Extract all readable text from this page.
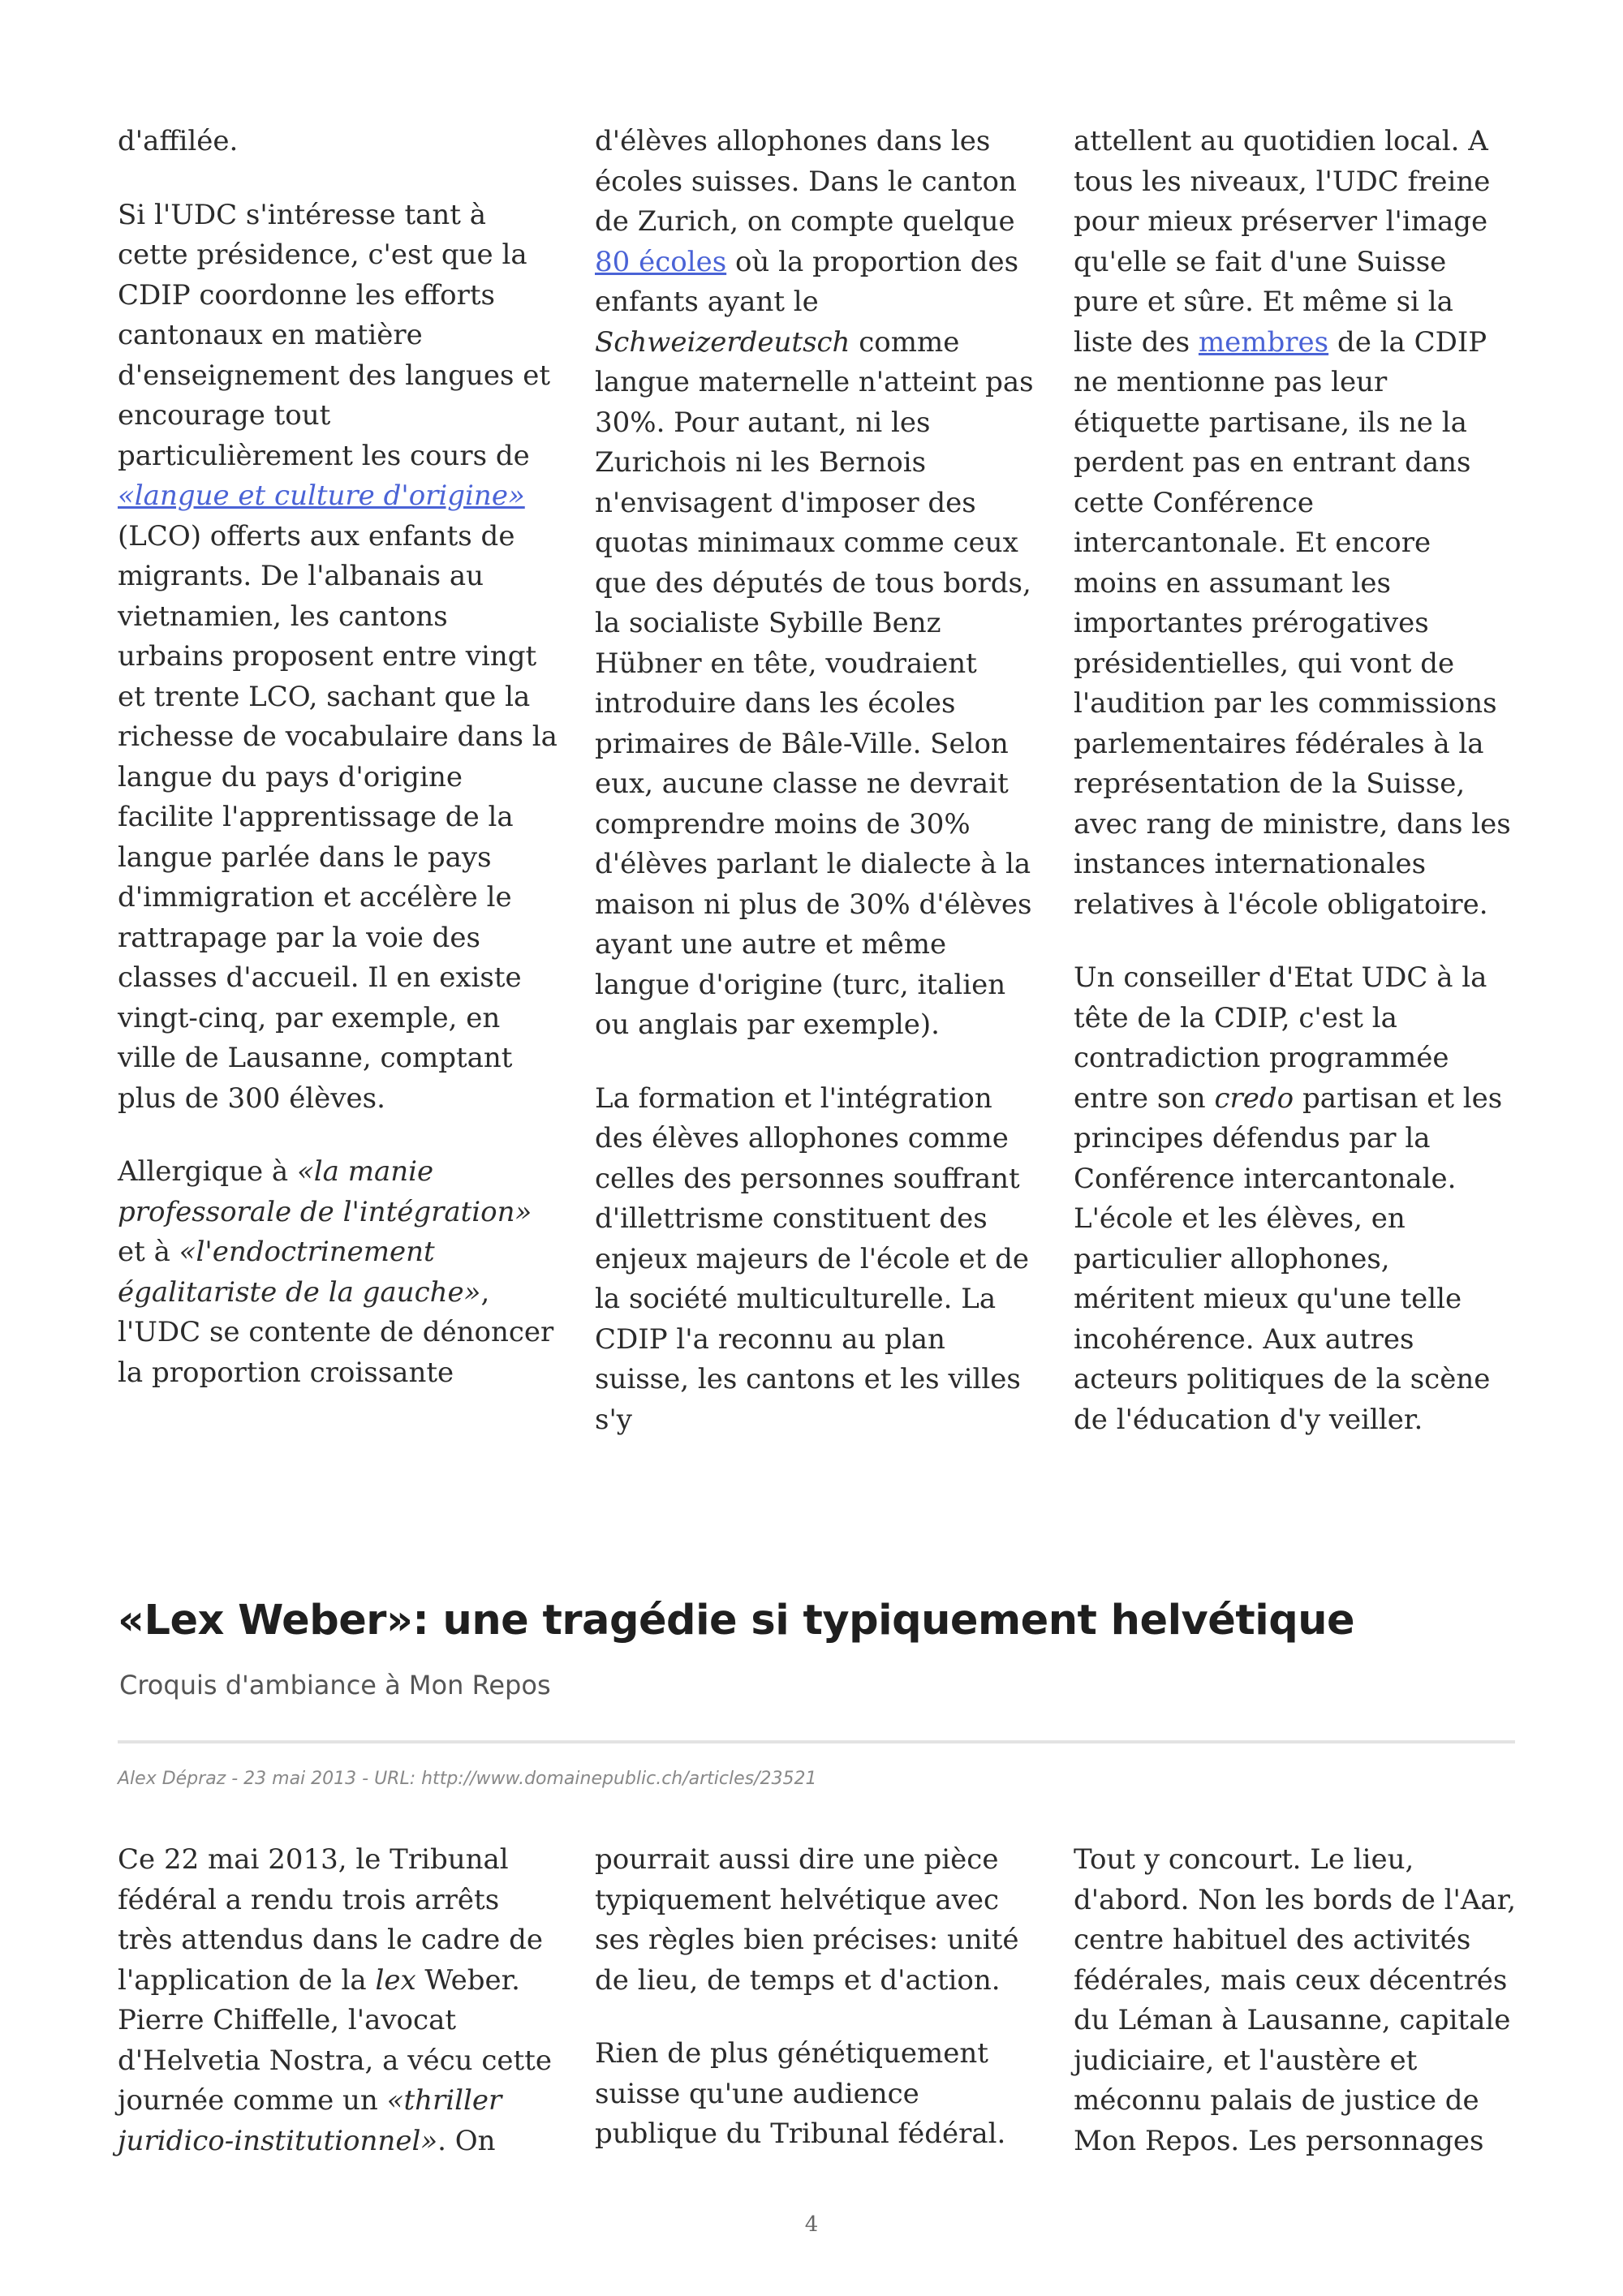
d'affilée.

Si l'UDC s'intéresse tant à cette présidence, c'est que la CDIP coordonne les efforts cantonaux en matière d'enseignement des langues et encourage tout particulièrement les cours de «langue et culture d'origine» (LCO) offerts aux enfants de migrants. De l'albanais au vietnamien, les cantons urbains proposent entre vingt et trente LCO, sachant que la richesse de vocabulaire dans la langue du pays d'origine facilite l'apprentissage de la langue parlée dans le pays d'immigration et accélère le rattrapage par la voie des classes d'accueil. Il en existe vingt-cinq, par exemple, en ville de Lausanne, comptant plus de 300 élèves.

Allergique à «la manie professorale de l'intégration» et à «l'endoctrinement égalitariste de la gauche», l'UDC se contente de dénoncer la proportion croissante

d'élèves allophones dans les écoles suisses. Dans le canton de Zurich, on compte quelque 80 écoles où la proportion des enfants ayant le Schweizerdeutsch comme langue maternelle n'atteint pas 30%. Pour autant, ni les Zurichois ni les Bernois n'envisagent d'imposer des quotas minimaux comme ceux que des députés de tous bords, la socialiste Sybille Benz Hübner en tête, voudraient introduire dans les écoles primaires de Bâle-Ville. Selon eux, aucune classe ne devrait comprendre moins de 30% d'élèves parlant le dialecte à la maison ni plus de 30% d'élèves ayant une autre et même langue d'origine (turc, italien ou anglais par exemple).

La formation et l'intégration des élèves allophones comme celles des personnes souffrant d'illettrisme constituent des enjeux majeurs de l'école et de la société multiculturelle. La CDIP l'a reconnu au plan suisse, les cantons et les villes s'y

attellent au quotidien local. A tous les niveaux, l'UDC freine pour mieux préserver l'image qu'elle se fait d'une Suisse pure et sûre. Et même si la liste des membres de la CDIP ne mentionne pas leur étiquette partisane, ils ne la perdent pas en entrant dans cette Conférence intercantonale. Et encore moins en assumant les importantes prérogatives présidentielles, qui vont de l'audition par les commissions parlementaires fédérales à la représentation de la Suisse, avec rang de ministre, dans les instances internationales relatives à l'école obligatoire.

Un conseiller d'Etat UDC à la tête de la CDIP, c'est la contradiction programmée entre son credo partisan et les principes défendus par la Conférence intercantonale. L'école et les élèves, en particulier allophones, méritent mieux qu'une telle incohérence. Aux autres acteurs politiques de la scène de l'éducation d'y veiller.

«Lex Weber»: une tragédie si typiquement helvétique
Croquis d'ambiance à Mon Repos
Alex Dépraz - 23 mai 2013 - URL: http://www.domainepublic.ch/articles/23521

Ce 22 mai 2013, le Tribunal fédéral a rendu trois arrêts très attendus dans le cadre de l'application de la lex Weber. Pierre Chiffelle, l'avocat d'Helvetia Nostra, a vécu cette journée comme un «thriller juridico-institutionnel». On

pourrait aussi dire une pièce typiquement helvétique avec ses règles bien précises: unité de lieu, de temps et d'action.

Rien de plus génétiquement suisse qu'une audience publique du Tribunal fédéral.

Tout y concourt. Le lieu, d'abord. Non les bords de l'Aar, centre habituel des activités fédérales, mais ceux décentrés du Léman à Lausanne, capitale judiciaire, et l'austère et méconnu palais de justice de Mon Repos. Les personnages

4
